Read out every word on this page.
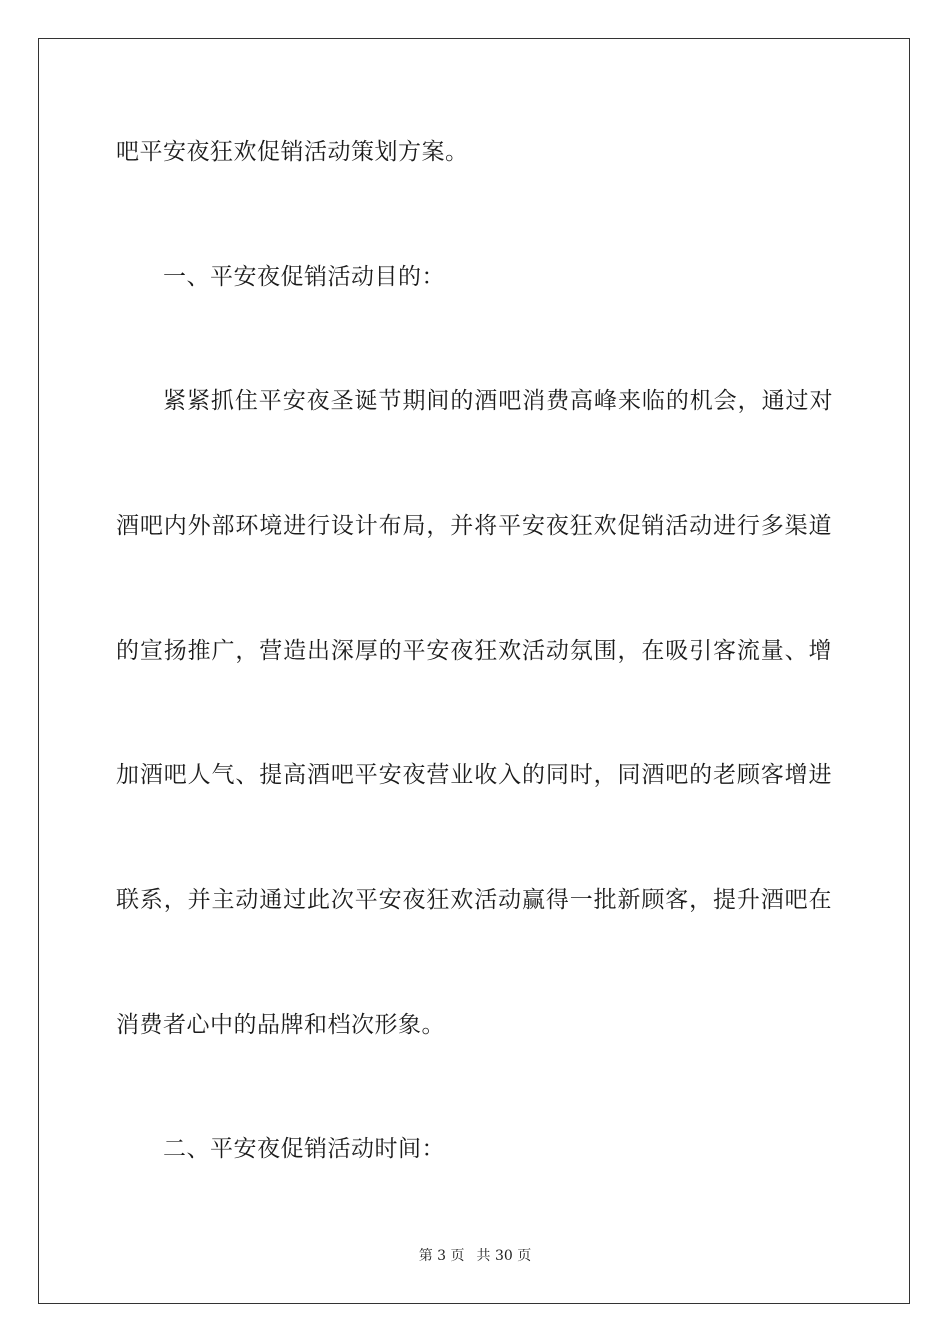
吧平安夜狂欢促销活动策划方案。
一、平安夜促销活动目的：
紧紧抓住平安夜圣诞节期间的酒吧消费高峰来临的机会，通过对
酒吧内外部环境进行设计布局，并将平安夜狂欢促销活动进行多渠道
的宣扬推广，营造出深厚的平安夜狂欢活动氛围，在吸引客流量、增
加酒吧人气、提高酒吧平安夜营业收入的同时，同酒吧的老顾客增进
联系，并主动通过此次平安夜狂欢活动赢得一批新顾客，提升酒吧在
消费者心中的品牌和档次形象。
二、平安夜促销活动时间：
第 3 页 共 30 页
